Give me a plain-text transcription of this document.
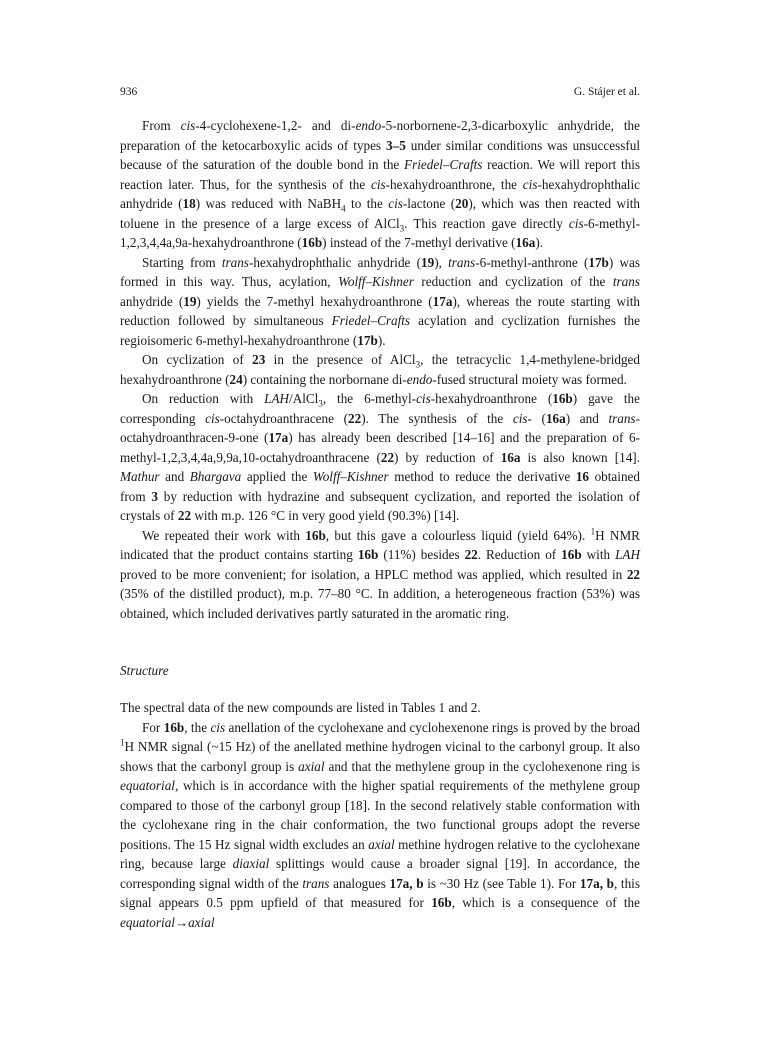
936	G. Stájer et al.

From cis-4-cyclohexene-1,2- and di-endo-5-norbornene-2,3-dicarboxylic anhydride, the preparation of the ketocarboxylic acids of types 3–5 under similar conditions was unsuccessful because of the saturation of the double bond in the Friedel–Crafts reaction. We will report this reaction later. Thus, for the synthesis of the cis-hexahydroanthrone, the cis-hexahydrophthalic anhydride (18) was reduced with NaBH$_4$ to the cis-lactone (20), which was then reacted with toluene in the presence of a large excess of AlCl$_3$. This reaction gave directly cis-6-methyl-1,2,3,4,4a,9a-hexahydroanthrone (16b) instead of the 7-methyl derivative (16a).

Starting from trans-hexahydrophthalic anhydride (19), trans-6-methyl-anthrone (17b) was formed in this way. Thus, acylation, Wolff–Kishner reduction and cyclization of the trans anhydride (19) yields the 7-methyl hexahydroanthrone (17a), whereas the route starting with reduction followed by simultaneous Friedel–Crafts acylation and cyclization furnishes the regioisomeric 6-methyl-hexahydroanthrone (17b).

On cyclization of 23 in the presence of AlCl$_3$, the tetracyclic 1,4-methylene-bridged hexahydroanthrone (24) containing the norbornane di-endo-fused structural moiety was formed.

On reduction with LAH/AlCl$_3$, the 6-methyl-cis-hexahydroanthrone (16b) gave the corresponding cis-octahydroanthracene (22). The synthesis of the cis- (16a) and trans-octahydroanthracen-9-one (17a) has already been described [14–16] and the preparation of 6-methyl-1,2,3,4,4a,9,9a,10-octahydroanthracene (22) by reduction of 16a is also known [14]. Mathur and Bhargava applied the Wolff–Kishner method to reduce the derivative 16 obtained from 3 by reduction with hydrazine and subsequent cyclization, and reported the isolation of crystals of 22 with m.p. 126 °C in very good yield (90.3%) [14].

We repeated their work with 16b, but this gave a colourless liquid (yield 64%). $^1$H NMR indicated that the product contains starting 16b (11%) besides 22. Reduction of 16b with LAH proved to be more convenient; for isolation, a HPLC method was applied, which resulted in 22 (35% of the distilled product), m.p. 77–80 °C. In addition, a heterogeneous fraction (53%) was obtained, which included derivatives partly saturated in the aromatic ring.

Structure

The spectral data of the new compounds are listed in Tables 1 and 2.

For 16b, the cis anellation of the cyclohexane and cyclohexenone rings is proved by the broad $^1$H NMR signal (~15 Hz) of the anellated methine hydrogen vicinal to the carbonyl group. It also shows that the carbonyl group is axial and that the methylene group in the cyclohexenone ring is equatorial, which is in accordance with the higher spatial requirements of the methylene group compared to those of the carbonyl group [18]. In the second relatively stable conformation with the cyclohexane ring in the chair conformation, the two functional groups adopt the reverse positions. The 15 Hz signal width excludes an axial methine hydrogen relative to the cyclohexane ring, because large diaxial splittings would cause a broader signal [19]. In accordance, the corresponding signal width of the trans analogues 17a, b is ~30 Hz (see Table 1). For 17a, b, this signal appears 0.5 ppm upfield of that measured for 16b, which is a consequence of the equatorial→axial
